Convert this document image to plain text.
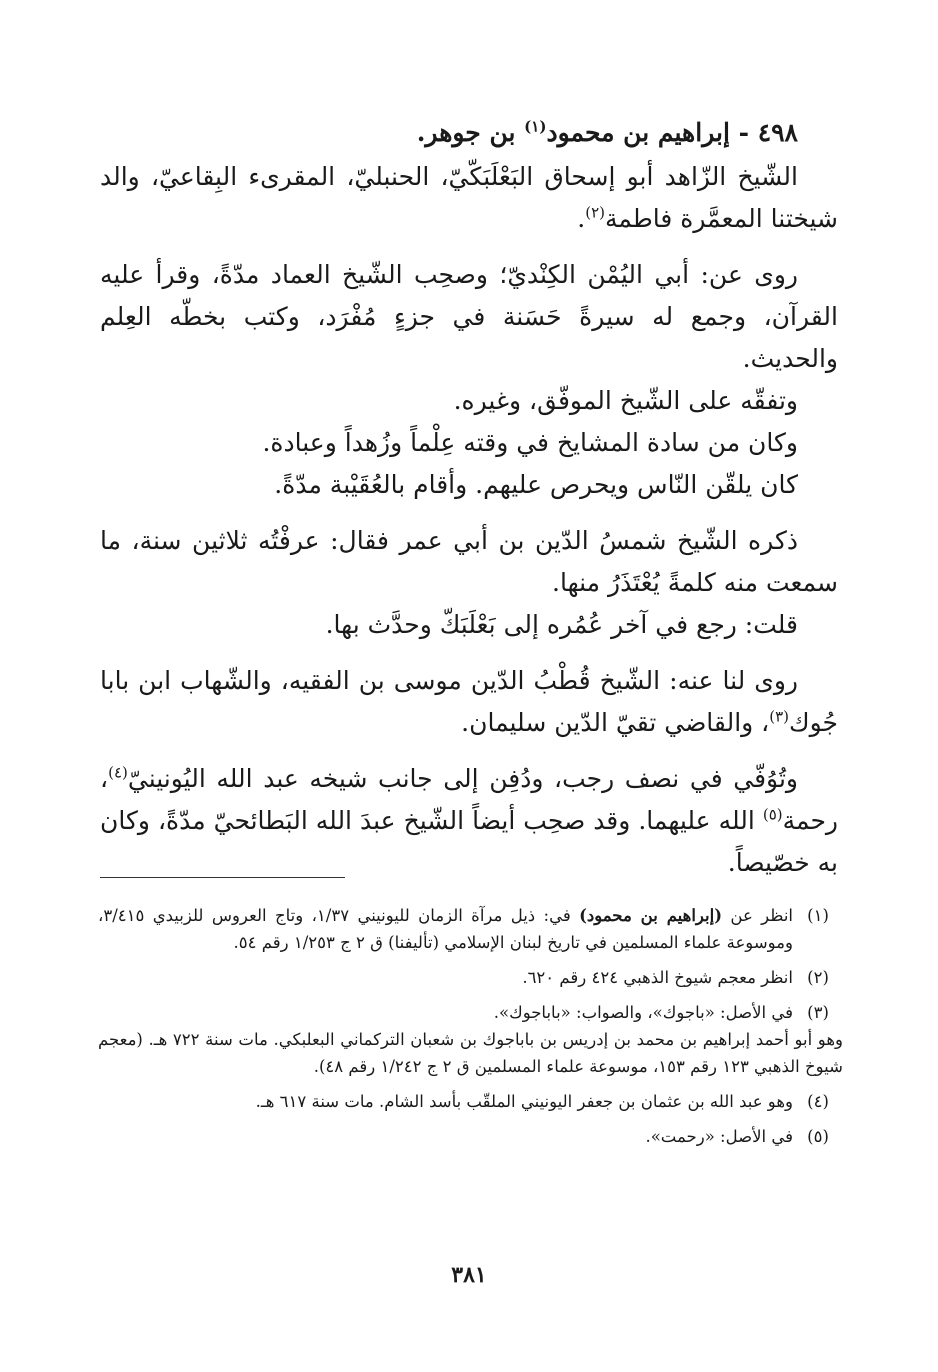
٤٩٨ - إبراهيم بن محمود$^{(١)}$ بن جوهر.

الشّيخ الزّاهد أبو إسحاق البَعْلَبَكّيّ، الحنبليّ، المقرىء البِقاعيّ، والد شيختنا المعمَّرة فاطمة$^{(٢)}$.

روى عن: أبي اليُمْن الكِنْديّ؛ وصحِب الشّيخ العماد مدّةً، وقرأ عليه القرآن، وجمع له سيرةً حَسَنة في جزءٍ مُفْرَد، وكتب بخطّه العِلم والحديث.

وتفقّه على الشّيخ الموفّق، وغيره.

وكان من سادة المشايخ في وقته عِلْماً وزُهداً وعبادة.

كان يلقّن النّاس ويحرص عليهم. وأقام بالعُقَيْبة مدّةً.

ذكره الشّيخ شمسُ الدّين بن أبي عمر فقال: عرفْتُه ثلاثين سنة، ما سمعت منه كلمةً يُعْتَذَرُ منها.

قلت: رجع في آخر عُمُره إلى بَعْلَبَكّ وحدَّث بها.

روى لنا عنه: الشّيخ قُطْبُ الدّين موسى بن الفقيه، والشّهاب ابن بابا جُوك$^{(٣)}$، والقاضي تقيّ الدّين سليمان.

وتُوُفّي في نصف رجب، ودُفِن إلى جانب شيخه عبد الله اليُونينيّ$^{(٤)}$، رحمة$^{(٥)}$ الله عليهما. وقد صحِب أيضاً الشّيخ عبدَ الله البَطائحيّ مدّةً، وكان به خصّيصاً.

(١)
انظر عن (إبراهيم بن محمود) في: ذيل مرآة الزمان لليونيني ١/٣٧، وتاج العروس للزبيدي ٣/٤١٥، وموسوعة علماء المسلمين في تاريخ لبنان الإسلامي (تأليفنا) ق ٢ ج ١/٢٥٣ رقم ٥٤.
(٢)
انظر معجم شيوخ الذهبي ٤٢٤ رقم ٦٢٠.
(٣)
في الأصل: «باجوك»، والصواب: «باباجوك».
وهو أبو أحمد إبراهيم بن محمد بن إدريس بن باباجوك بن شعبان التركماني البعلبكي. مات سنة ٧٢٢ هـ. (معجم شيوخ الذهبي ١٢٣ رقم ١٥٣، موسوعة علماء المسلمين ق ٢ ج ١/٢٤٢ رقم ٤٨).
(٤)
وهو عبد الله بن عثمان بن جعفر اليونيني الملقّب بأسد الشام. مات سنة ٦١٧ هـ.
(٥)
في الأصل: «رحمت».
٣٨١
